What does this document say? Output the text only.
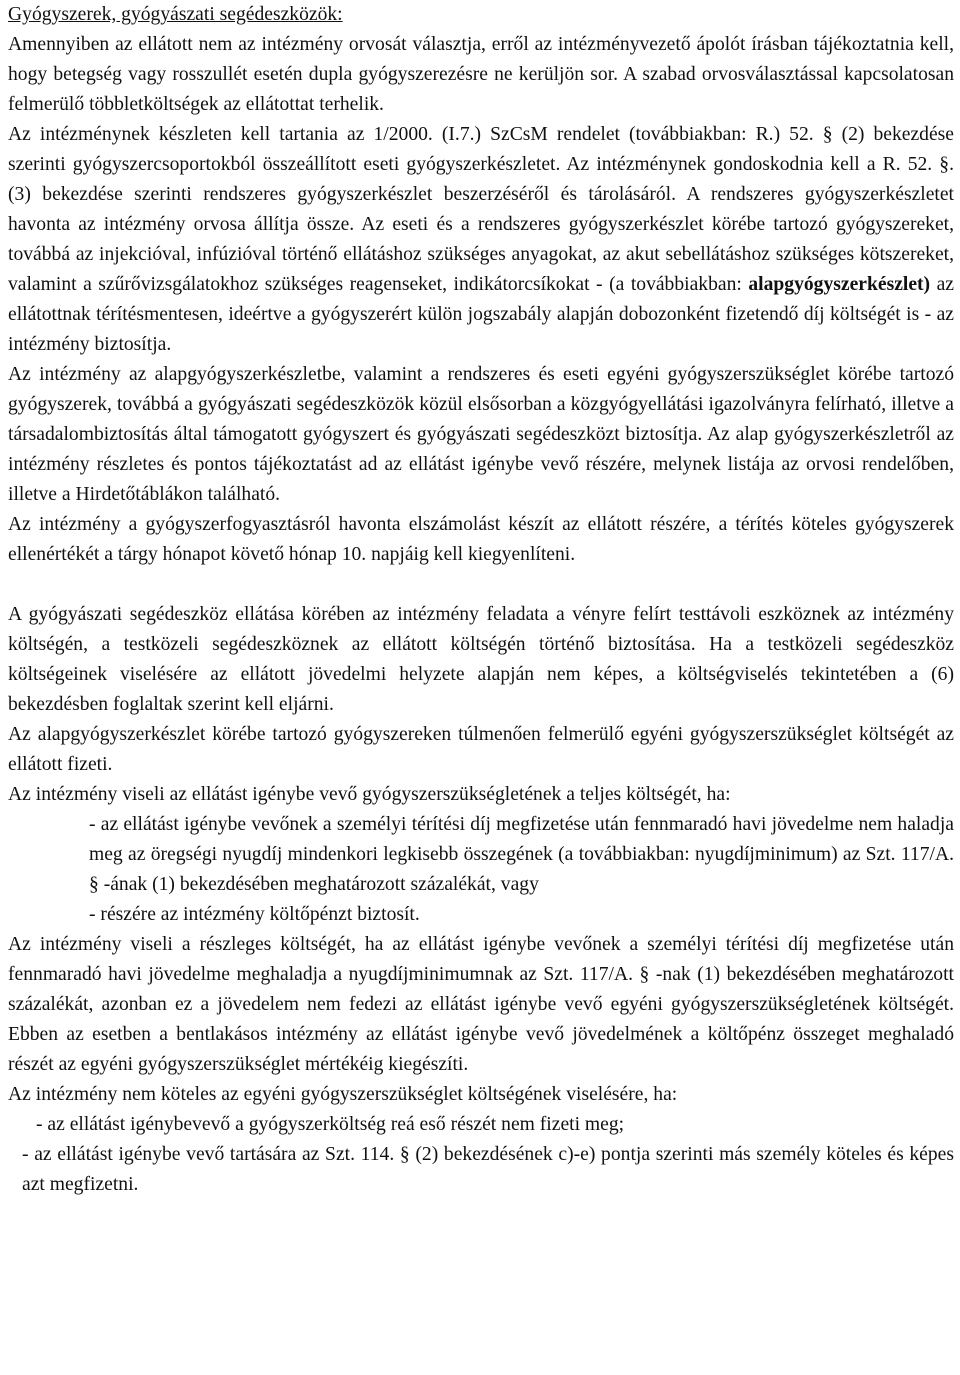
Gyógyszerek, gyógyászati segédeszközök:

Amennyiben az ellátott nem az intézmény orvosát választja, erről az intézményvezető ápolót írásban tájékoztatnia kell, hogy betegség vagy rosszullét esetén dupla gyógyszerezésre ne kerüljön sor. A szabad orvosválasztással kapcsolatosan felmerülő többletköltségek az ellátottat terhelik.

Az intézménynek készleten kell tartania az 1/2000. (I.7.) SzCsM rendelet (továbbiakban: R.) 52. § (2) bekezdése szerinti gyógyszercsoportokból összeállított eseti gyógyszerkészletet. Az intézménynek gondoskodnia kell a R. 52. §. (3) bekezdése szerinti rendszeres gyógyszerkészlet beszerzéséről és tárolásáról. A rendszeres gyógyszerkészletet havonta az intézmény orvosa állítja össze. Az eseti és a rendszeres gyógyszerkészlet körébe tartozó gyógyszereket, továbbá az injekcióval, infúzióval történő ellátáshoz szükséges anyagokat, az akut sebellátáshoz szükséges kötszereket, valamint a szűrővizsgálatokhoz szükséges reagenseket, indikátorcsíkokat - (a továbbiakban: alapgyógyszerkészlet) az ellátottnak térítésmentesen, ideértve a gyógyszerért külön jogszabály alapján dobozonként fizetendő díj költségét is - az intézmény biztosítja.

Az intézmény az alapgyógyszerkészletbe, valamint a rendszeres és eseti egyéni gyógyszerszükséglet körébe tartozó gyógyszerek, továbbá a gyógyászati segédeszközök közül elsősorban a közgyógyellátási igazolványra felírható, illetve a társadalombiztosítás által támogatott gyógyszert és gyógyászati segédeszközt biztosítja. Az alap gyógyszerkészletről az intézmény részletes és pontos tájékoztatást ad az ellátást igénybe vevő részére, melynek listája az orvosi rendelőben, illetve a Hirdetőtáblákon található.

Az intézmény a gyógyszerfogyasztásról havonta elszámolást készít az ellátott részére, a térítés köteles gyógyszerek ellenértékét a tárgy hónapot követő hónap 10. napjáig kell kiegyenlíteni.

A gyógyászati segédeszköz ellátása körében az intézmény feladata a vényre felírt testtávoli eszköznek az intézmény költségén, a testközeli segédeszköznek az ellátott költségén történő biztosítása. Ha a testközeli segédeszköz költségeinek viselésére az ellátott jövedelmi helyzete alapján nem képes, a költségviselés tekintetében a (6) bekezdésben foglaltak szerint kell eljárni.

Az alapgyógyszerkészlet körébe tartozó gyógyszereken túlmenően felmerülő egyéni gyógyszerszükséglet költségét az ellátott fizeti.

Az intézmény viseli az ellátást igénybe vevő gyógyszerszükségletének a teljes költségét, ha:

- az ellátást igénybe vevőnek a személyi térítési díj megfizetése után fennmaradó havi jövedelme nem haladja meg az öregségi nyugdíj mindenkori legkisebb összegének (a továbbiakban: nyugdíjminimum) az Szt. 117/A. § -ának (1) bekezdésében meghatározott százalékát, vagy

- részére az intézmény költőpénzt biztosít.

Az intézmény viseli a részleges költségét, ha az ellátást igénybe vevőnek a személyi térítési díj megfizetése után fennmaradó havi jövedelme meghaladja a nyugdíjminimumnak az Szt. 117/A. § -nak (1) bekezdésében meghatározott százalékát, azonban ez a jövedelem nem fedezi az ellátást igénybe vevő egyéni gyógyszerszükségletének költségét. Ebben az esetben a bentlakásos intézmény az ellátást igénybe vevő jövedelmének a költőpénz összeget meghaladó részét az egyéni gyógyszerszükséglet mértékéig kiegészíti.

Az intézmény nem köteles az egyéni gyógyszerszükséglet költségének viselésére, ha:

- az ellátást igénybevevő a gyógyszerköltség reá eső részét nem fizeti meg;

- az ellátást igénybe vevő tartására az Szt. 114. § (2) bekezdésének c)-e) pontja szerinti más személy köteles és képes azt megfizetni.
